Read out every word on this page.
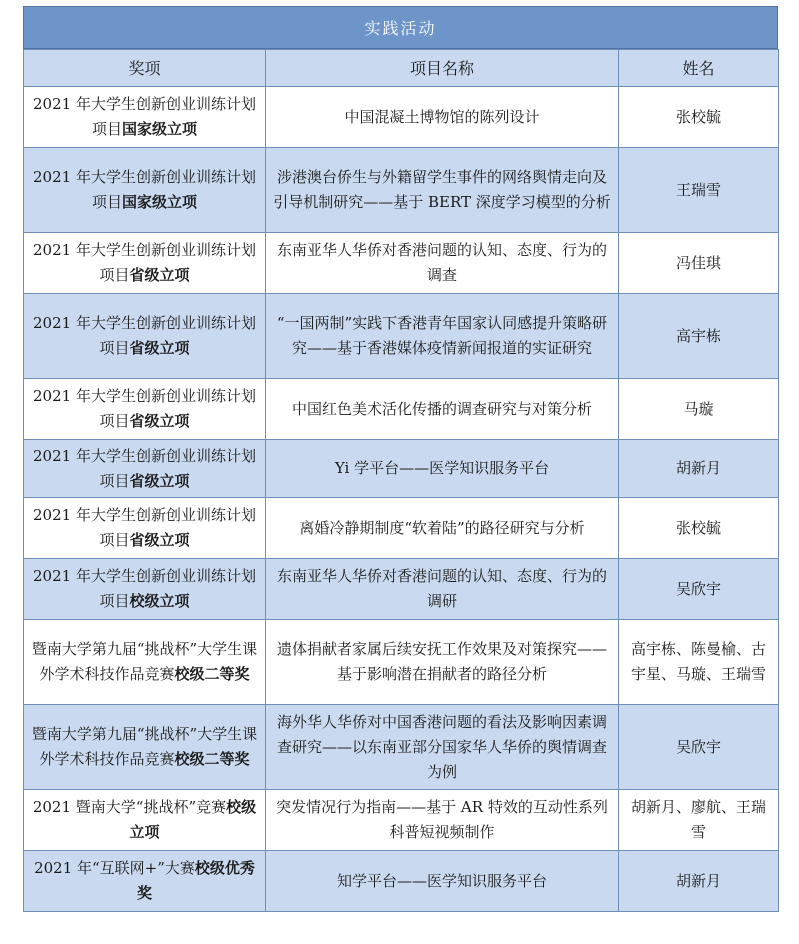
实践活动
奖项	项目名称	姓名
2021 年大学生创新创业训练计划项目国家级立项	中国混凝土博物馆的陈列设计	张校毓
2021 年大学生创新创业训练计划项目国家级立项	涉港澳台侨生与外籍留学生事件的网络舆情走向及引导机制研究——基于 BERT 深度学习模型的分析	王瑞雪
2021 年大学生创新创业训练计划项目省级立项	东南亚华人华侨对香港问题的认知、态度、行为的调查	冯佳琪
2021 年大学生创新创业训练计划项目省级立项	“一国两制”实践下香港青年国家认同感提升策略研究——基于香港媒体疫情新闻报道的实证研究	高宇栋
2021 年大学生创新创业训练计划项目省级立项	中国红色美术活化传播的调查研究与对策分析	马璇
2021 年大学生创新创业训练计划项目省级立项	Yi 学平台——医学知识服务平台	胡新月
2021 年大学生创新创业训练计划项目省级立项	离婚冷静期制度“软着陆”的路径研究与分析	张校毓
2021 年大学生创新创业训练计划项目校级立项	东南亚华人华侨对香港问题的认知、态度、行为的调研	吴欣宇
暨南大学第九届“挑战杯”大学生课外学术科技作品竞赛校级二等奖	遗体捐献者家属后续安抚工作效果及对策探究——基于影响潜在捐献者的路径分析	高宇栋、陈曼榆、古宇星、马璇、王瑞雪
暨南大学第九届“挑战杯”大学生课外学术科技作品竞赛校级二等奖	海外华人华侨对中国香港问题的看法及影响因素调查研究——以东南亚部分国家华人华侨的舆情调查为例	吴欣宇
2021 暨南大学“挑战杯”竞赛校级立项	突发情况行为指南——基于 AR 特效的互动性系列科普短视频制作	胡新月、廖航、王瑞雪
2021 年“互联网+”大赛校级优秀奖	知学平台——医学知识服务平台	胡新月
